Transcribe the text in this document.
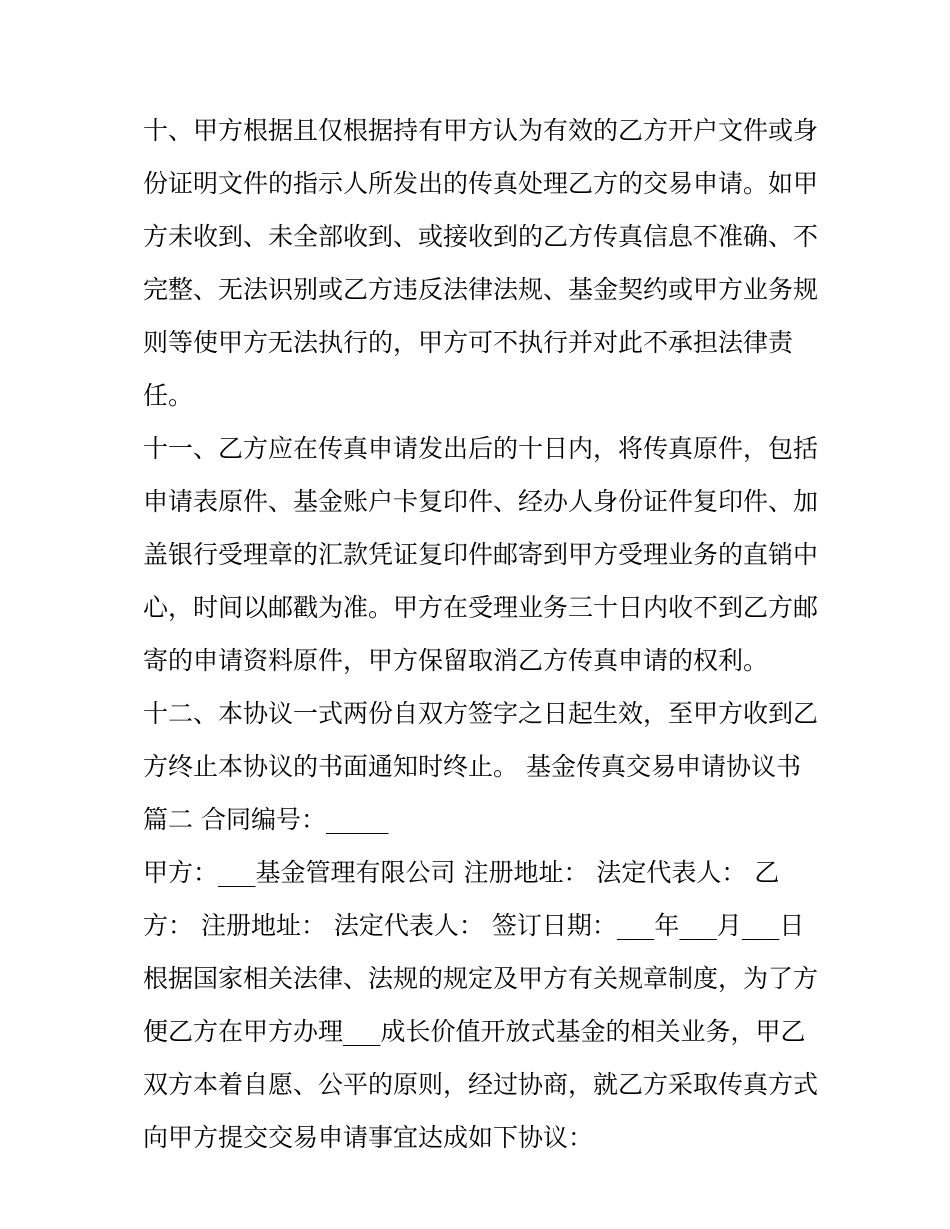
十、甲方根据且仅根据持有甲方认为有效的乙方开户文件或身
份证明文件的指示人所发出的传真处理乙方的交易申请。如甲
方未收到、未全部收到、或接收到的乙方传真信息不准确、不
完整、无法识别或乙方违反法律法规、基金契约或甲方业务规
则等使甲方无法执行的，甲方可不执行并对此不承担法律责
任。
十一、乙方应在传真申请发出后的十日内，将传真原件，包括
申请表原件、基金账户卡复印件、经办人身份证件复印件、加
盖银行受理章的汇款凭证复印件邮寄到甲方受理业务的直销中
心，时间以邮戳为准。甲方在受理业务三十日内收不到乙方邮
寄的申请资料原件，甲方保留取消乙方传真申请的权利。
十二、本协议一式两份自双方签字之日起生效，至甲方收到乙
方终止本协议的书面通知时终止。 基金传真交易申请协议书
篇二 合同编号：_____
甲方：___基金管理有限公司 注册地址： 法定代表人： 乙
方： 注册地址： 法定代表人： 签订日期：___年___月___日
根据国家相关法律、法规的规定及甲方有关规章制度，为了方
便乙方在甲方办理___成长价值开放式基金的相关业务，甲乙
双方本着自愿、公平的原则，经过协商，就乙方采取传真方式
向甲方提交交易申请事宜达成如下协议：
